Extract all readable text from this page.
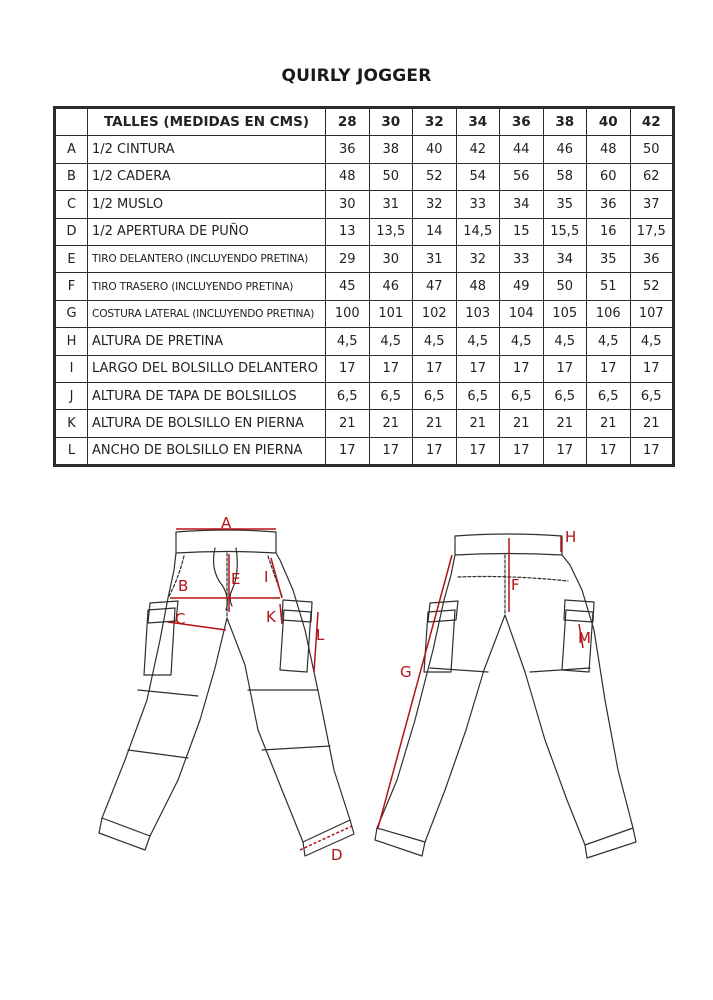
QUIRLY JOGGER
	TALLES (MEDIDAS EN CMS)	28	30	32	34	36	38	40	42
A	1/2 CINTURA	36	38	40	42	44	46	48	50
B	1/2 CADERA	48	50	52	54	56	58	60	62
C	1/2 MUSLO	30	31	32	33	34	35	36	37
D	1/2 APERTURA DE PUÑO	13	13,5	14	14,5	15	15,5	16	17,5
E	TIRO DELANTERO (INCLUYENDO PRETINA)	29	30	31	32	33	34	35	36
F	TIRO TRASERO (INCLUYENDO PRETINA)	45	46	47	48	49	50	51	52
G	COSTURA LATERAL (INCLUYENDO PRETINA)	100	101	102	103	104	105	106	107
H	ALTURA DE PRETINA	4,5	4,5	4,5	4,5	4,5	4,5	4,5	4,5
I	LARGO DEL BOLSILLO DELANTERO	17	17	17	17	17	17	17	17
J	ALTURA DE TAPA DE BOLSILLOS	6,5	6,5	6,5	6,5	6,5	6,5	6,5	6,5
K	ALTURA DE BOLSILLO EN PIERNA	21	21	21	21	21	21	21	21
L	ANCHO DE BOLSILLO EN PIERNA	17	17	17	17	17	17	17	17
A
B
C
E I
K
L
D
H
F
M
G
